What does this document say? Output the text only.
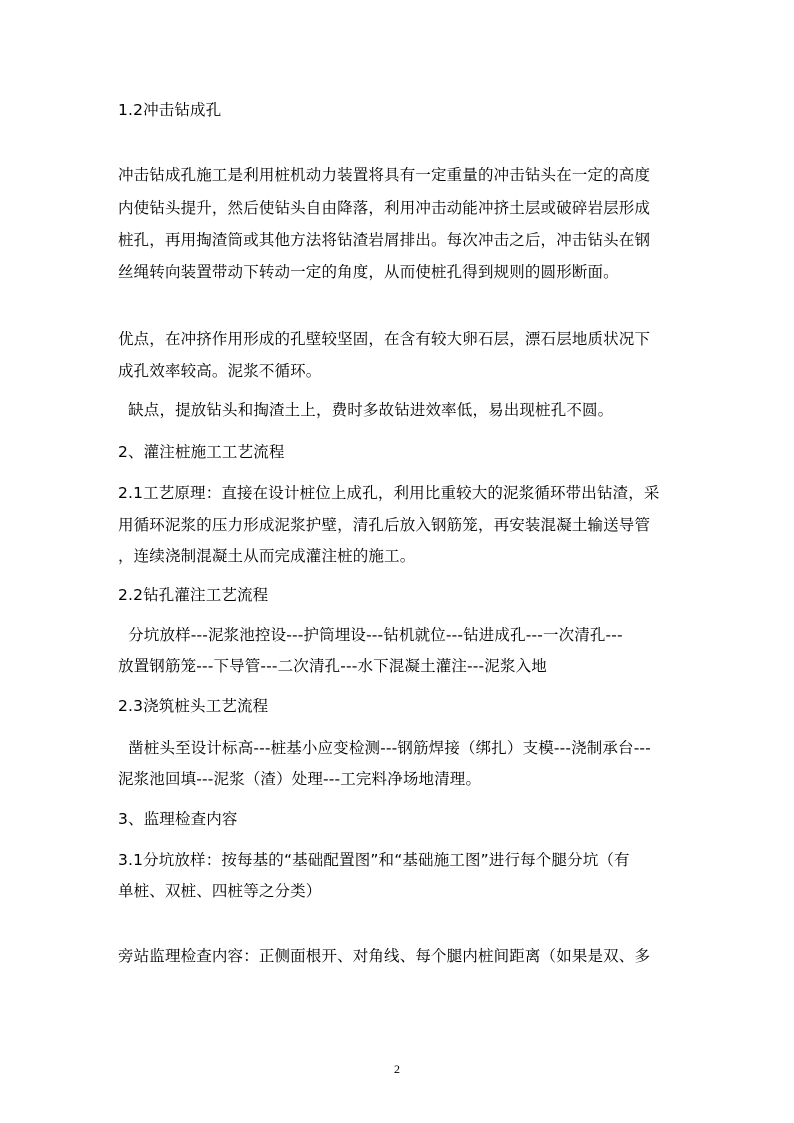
1.2冲击钻成孔
冲击钻成孔施工是利用桩机动力装置将具有一定重量的冲击钻头在一定的高度
内使钻头提升，然后使钻头自由降落，利用冲击动能冲挤土层或破碎岩层形成
桩孔，再用掏渣筒或其他方法将钻渣岩屑排出。每次冲击之后，冲击钻头在钢
丝绳转向装置带动下转动一定的角度，从而使桩孔得到规则的圆形断面。
优点，在冲挤作用形成的孔壁较坚固，在含有较大卵石层，漂石层地质状况下
成孔效率较高。泥浆不循环。
缺点，提放钻头和掏渣土上，费时多故钻进效率低，易出现桩孔不圆。
2、灌注桩施工工艺流程
2.1工艺原理：直接在设计桩位上成孔，利用比重较大的泥浆循环带出钻渣，采
用循环泥浆的压力形成泥浆护壁，清孔后放入钢筋笼，再安装混凝土输送导管
，连续浇制混凝土从而完成灌注桩的施工。
2.2钻孔灌注工艺流程
分坑放样---泥浆池控设---护筒埋设---钻机就位---钻进成孔---一次清孔---
放置钢筋笼---下导管---二次清孔---水下混凝土灌注---泥浆入地
2.3浇筑桩头工艺流程
凿桩头至设计标高---桩基小应变检测---钢筋焊接（绑扎）支模---浇制承台---
泥浆池回填---泥浆（渣）处理---工完料净场地清理。
3、监理检查内容
3.1分坑放样：按每基的“基础配置图”和“基础施工图”进行每个腿分坑（有
单桩、双桩、四桩等之分类）
旁站监理检查内容：正侧面根开、对角线、每个腿内桩间距离（如果是双、多
2
